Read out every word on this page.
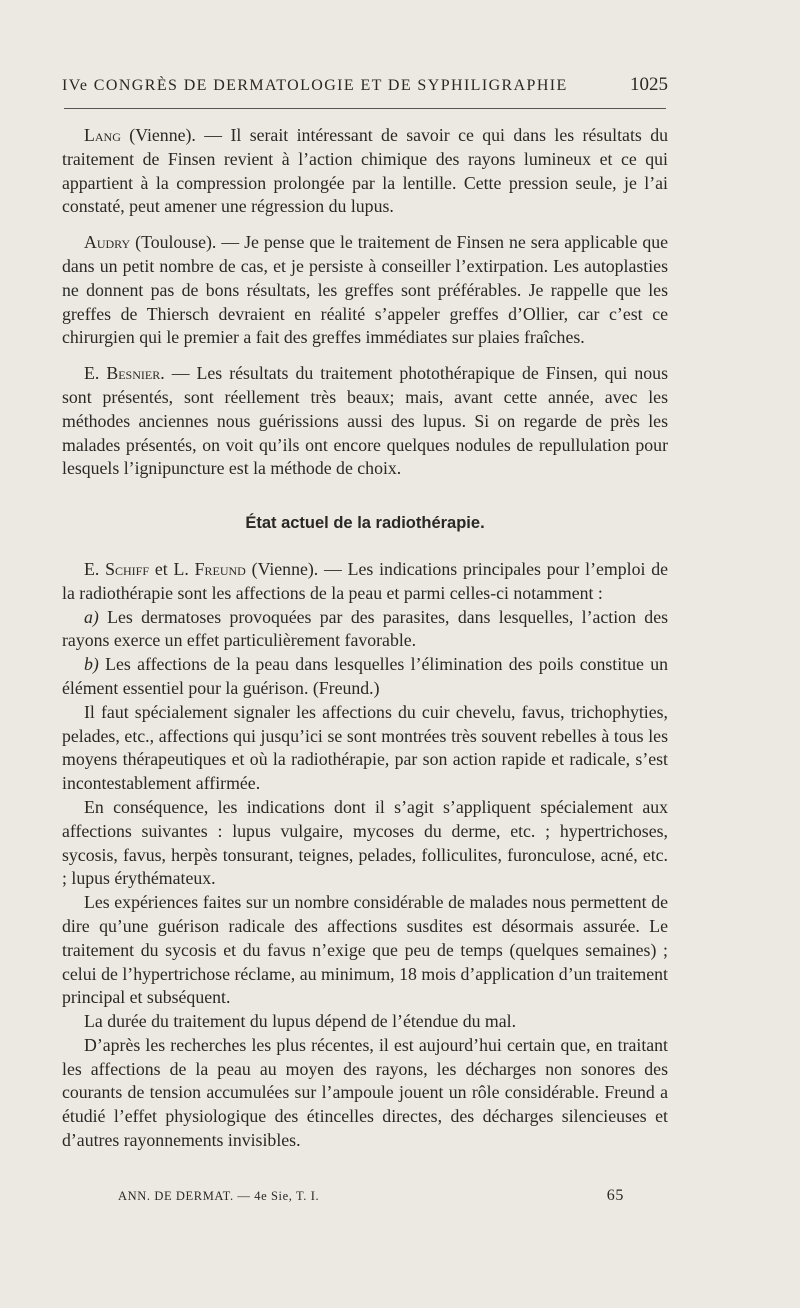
IVe CONGRÈS DE DERMATOLOGIE ET DE SYPHILIGRAPHIE	1025

Lang (Vienne). — Il serait intéressant de savoir ce qui dans les résultats du traitement de Finsen revient à l’action chimique des rayons lumineux et ce qui appartient à la compression prolongée par la lentille. Cette pression seule, je l’ai constaté, peut amener une régression du lupus.

Audry (Toulouse). — Je pense que le traitement de Finsen ne sera applicable que dans un petit nombre de cas, et je persiste à conseiller l’extirpation. Les autoplasties ne donnent pas de bons résultats, les greffes sont préférables. Je rappelle que les greffes de Thiersch devraient en réalité s’appeler greffes d’Ollier, car c’est ce chirurgien qui le premier a fait des greffes immédiates sur plaies fraîches.

E. Besnier. — Les résultats du traitement photothérapique de Finsen, qui nous sont présentés, sont réellement très beaux; mais, avant cette année, avec les méthodes anciennes nous guérissions aussi des lupus. Si on regarde de près les malades présentés, on voit qu’ils ont encore quelques nodules de repullulation pour lesquels l’ignipuncture est la méthode de choix.

État actuel de la radiothérapie.

E. Schiff et L. Freund (Vienne). — Les indications principales pour l’emploi de la radiothérapie sont les affections de la peau et parmi celles-ci notamment :

a) Les dermatoses provoquées par des parasites, dans lesquelles, l’action des rayons exerce un effet particulièrement favorable.

b) Les affections de la peau dans lesquelles l’élimination des poils constitue un élément essentiel pour la guérison. (Freund.)

Il faut spécialement signaler les affections du cuir chevelu, favus, trichophyties, pelades, etc., affections qui jusqu’ici se sont montrées très souvent rebelles à tous les moyens thérapeutiques et où la radiothérapie, par son action rapide et radicale, s’est incontestablement affirmée.

En conséquence, les indications dont il s’agit s’appliquent spécialement aux affections suivantes : lupus vulgaire, mycoses du derme, etc. ; hypertrichoses, sycosis, favus, herpès tonsurant, teignes, pelades, folliculites, furonculose, acné, etc. ; lupus érythémateux.

Les expériences faites sur un nombre considérable de malades nous permettent de dire qu’une guérison radicale des affections susdites est désormais assurée. Le traitement du sycosis et du favus n’exige que peu de temps (quelques semaines) ; celui de l’hypertrichose réclame, au minimum, 18 mois d’application d’un traitement principal et subséquent.

La durée du traitement du lupus dépend de l’étendue du mal.

D’après les recherches les plus récentes, il est aujourd’hui certain que, en traitant les affections de la peau au moyen des rayons, les décharges non sonores des courants de tension accumulées sur l’ampoule jouent un rôle considérable. Freund a étudié l’effet physiologique des étincelles directes, des décharges silencieuses et d’autres rayonnements invisibles.

ANN. DE DERMAT. — 4e Sie, T. I.	65
